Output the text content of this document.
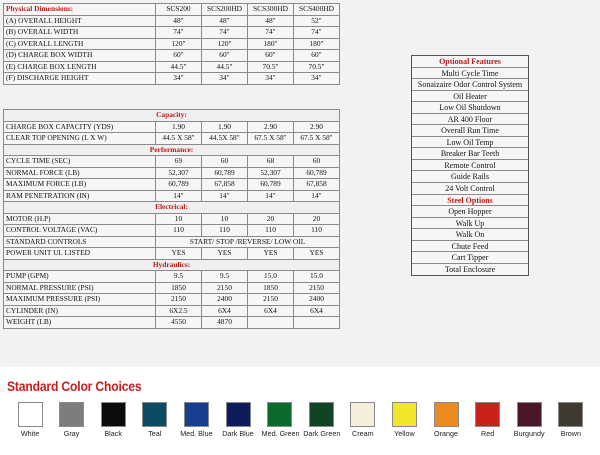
Physical Dimensions:	SCS200	SCS200HD	SCS300HD	SCS400HD
(A) OVERALL HEIGHT	48"	48"	48"	52"
(B) OVERALL WIDTH	74"	74"	74"	74"
(C) OVERALL LENGTH	120"	120"	180"	180"
(D) CHARGE BOX WIDTH	60"	60"	60"	60"
(E) CHARGE BOX LENGTH	44.5"	44.5"	70.5"	70.5"
(F) DISCHARGE HEIGHT	34"	34"	34"	34"
Capacity:				
CHARGE BOX CAPACITY (YDS)	1.90	1.90	2.90	2.90
CLEAR TOP OPENING (L X W)	44.5 X 58"	44.5X 58"	67.5 X 58"	67.5 X 58"
Performance:				
CYCLE TIME (SEC)	69	60	68	60
NORMAL FORCE (LB)	52,307	60,789	52,307	60,789
MAXIMUM FORCE (LB)	60,789	67,858	60,789	67,858
RAM PENETRATION (IN)	14"	14"	14"	14"
Electrical:				
MOTOR (H.P)	10	10	20	20
CONTROL VOLTAGE (VAC)	110	110	110	110
STANDARD CONTROLS	START/ STOP /REVERSE/ LOW OIL			
POWER UNIT UL LISTED	YES	YES	YES	YES
Hydraulics:				
PUMP (GPM)	9.5	9.5	15.0	15.0
NORMAL PRESSURE (PSI)	1850	2150	1850	2150
MAXIMUM PRESSURE (PSI)	2150	2400	2150	2400
CYLINDER (IN)	6X2.5	6X4	6X4	6X4
WEIGHT (LB)	4550	4870		
Optional Features
Multi Cycle Time
Sonaizaire Odor Control System
Oil Heater
Low Oil Shutdown
AR 400 Floor
Overall Run Time
Low Oil Temp
Breaker Bar Teeth
Remote Control
Guide Rails
24 Volt Control
Steel Options
Open Hopper
Walk Up
Walk On
Chute Feed
Cart Tipper
Total Enclosure
Standard Color Choices
White	Gray	Black	Teal	Med. Blue	Dark Blue	Med. Green Dark Green	Cream	Yellow	Orange	Red	Burgundy	Brown
